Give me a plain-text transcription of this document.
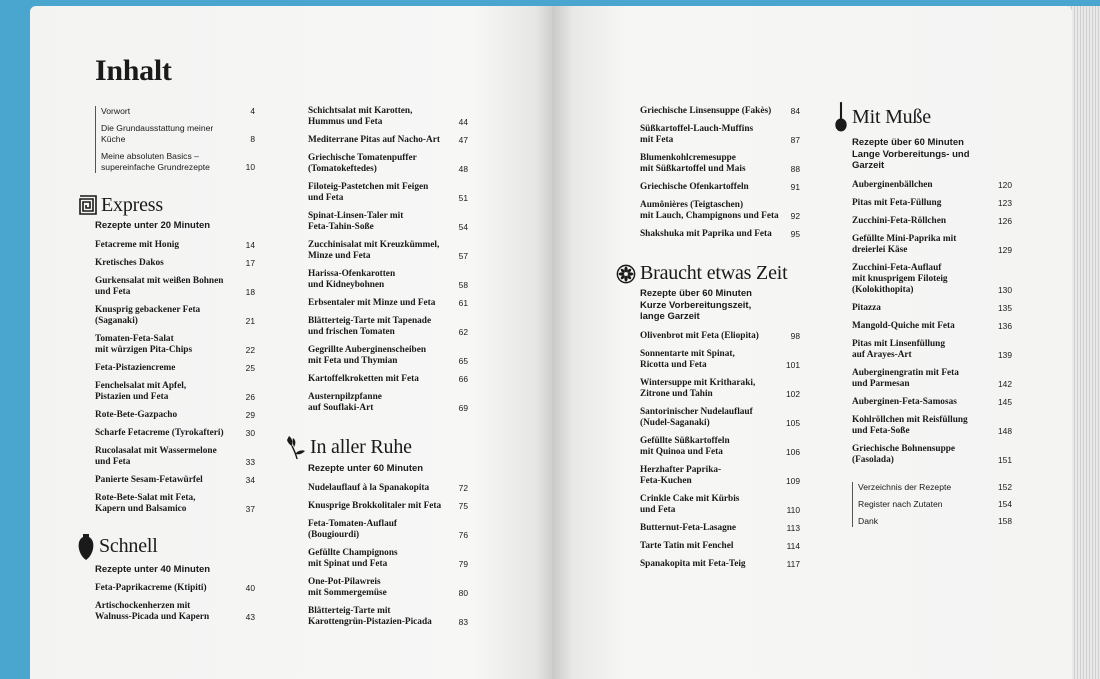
Inhalt
Vorwort	4
Die Grundausstattung meiner Küche	8
Meine absoluten Basics –
supereinfache Grundrezepte	10
Express
Rezepte unter 20 Minuten
Fetacreme mit Honig	14
Kretisches Dakos	17
Gurkensalat mit weißen Bohnen
und Feta	18
Knusprig gebackener Feta
(Saganaki)	21
Tomaten-Feta-Salat
mit würzigen Pita-Chips	22
Feta-Pistaziencreme	25
Fenchelsalat mit Apfel,
Pistazien und Feta	26
Rote-Bete-Gazpacho	29
Scharfe Fetacreme (Tyrokafteri)	30
Rucolasalat mit Wassermelone
und Feta	33
Panierte Sesam-Fetawürfel	34
Rote-Bete-Salat mit Feta,
Kapern und Balsamico	37
Schnell
Rezepte unter 40 Minuten
Feta-Paprikacreme (Ktipiti)	40
Artischockenherzen mit
Walnuss-Picada und Kapern	43
Schichtsalat mit Karotten,
Hummus und Feta	44
Mediterrane Pitas auf Nacho-Art	47
Griechische Tomatenpuffer
(Tomatokeftedes)	48
Filoteig-Pastetchen mit Feigen
und Feta	51
Spinat-Linsen-Taler mit
Feta-Tahin-Soße	54
Zucchinisalat mit Kreuzkümmel,
Minze und Feta	57
Harissa-Ofenkarotten
und Kidneybohnen	58
Erbsentaler mit Minze und Feta	61
Blätterteig-Tarte mit Tapenade
und frischen Tomaten	62
Gegrillte Auberginenscheiben
mit Feta und Thymian	65
Kartoffelkroketten mit Feta	66
Austernpilzpfanne
auf Souflaki-Art	69
In aller Ruhe
Rezepte unter 60 Minuten
Nudelauflauf à la Spanakopita	72
Knusprige Brokkolitaler mit Feta	75
Feta-Tomaten-Auflauf
(Bougiourdi)	76
Gefüllte Champignons
mit Spinat und Feta	79
One-Pot-Pilawreis
mit Sommergemüse	80
Blätterteig-Tarte mit
Karottengrün-Pistazien-Picada	83
Griechische Linsensuppe (Fakès)	84
Süßkartoffel-Lauch-Muffins
mit Feta	87
Blumenkohlcremesuppe
mit Süßkartoffel und Mais	88
Griechische Ofenkartoffeln	91
Aumônières (Teigtaschen)
mit Lauch, Champignons und Feta	92
Shakshuka mit Paprika und Feta	95
Braucht etwas Zeit
Rezepte über 60 Minuten
Kurze Vorbereitungszeit,
lange Garzeit
Olivenbrot mit Feta (Eliopita)	98
Sonnentarte mit Spinat,
Ricotta und Feta	101
Wintersuppe mit Kritharaki,
Zitrone und Tahin	102
Santorinischer Nudelauflauf
(Nudel-Saganaki)	105
Gefüllte Süßkartoffeln
mit Quinoa und Feta	106
Herzhafter Paprika-
Feta-Kuchen	109
Crinkle Cake mit Kürbis
und Feta	110
Butternut-Feta-Lasagne	113
Tarte Tatin mit Fenchel	114
Spanakopita mit Feta-Teig	117
Mit Muße
Rezepte über 60 Minuten
Lange Vorbereitungs- und
Garzeit
Auberginenbällchen	120
Pitas mit Feta-Füllung	123
Zucchini-Feta-Röllchen	126
Gefüllte Mini-Paprika mit
dreierlei Käse	129
Zucchini-Feta-Auflauf
mit knusprigem Filoteig
(Kolokithopita)	130
Pitazza	135
Mangold-Quiche mit Feta	136
Pitas mit Linsenfüllung
auf Arayes-Art	139
Auberginengratin mit Feta
und Parmesan	142
Auberginen-Feta-Samosas	145
Kohlröllchen mit Reisfüllung
und Feta-Soße	148
Griechische Bohnensuppe
(Fasolada)	151
Verzeichnis der Rezepte	152
Register nach Zutaten	154
Dank	158
